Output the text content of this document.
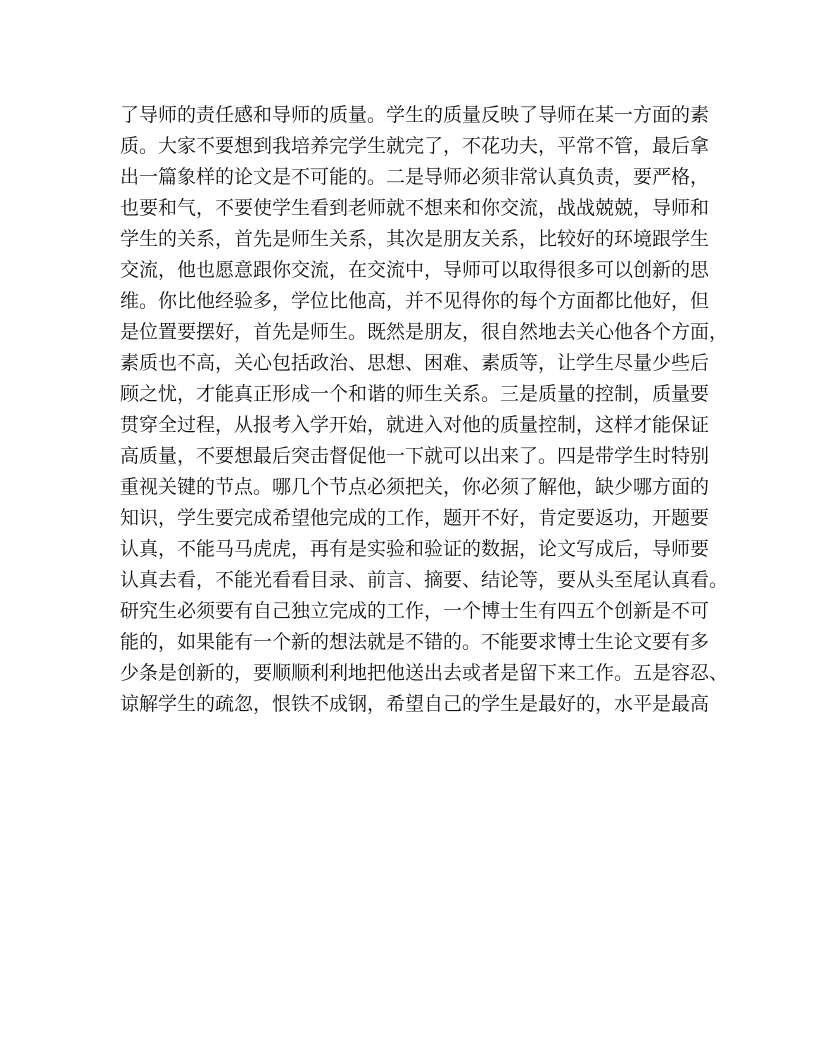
了导师的责任感和导师的质量。学生的质量反映了导师在某一方面的素
质。大家不要想到我培养完学生就完了，不花功夫，平常不管，最后拿
出一篇象样的论文是不可能的。二是导师必须非常认真负责，要严格，
也要和气，不要使学生看到老师就不想来和你交流，战战兢兢，导师和
学生的关系，首先是师生关系，其次是朋友关系，比较好的环境跟学生
交流，他也愿意跟你交流，在交流中，导师可以取得很多可以创新的思
维。你比他经验多，学位比他高，并不见得你的每个方面都比他好，但
是位置要摆好，首先是师生。既然是朋友，很自然地去关心他各个方面，
素质也不高，关心包括政治、思想、困难、素质等，让学生尽量少些后
顾之忧，才能真正形成一个和谐的师生关系。三是质量的控制，质量要
贯穿全过程，从报考入学开始，就进入对他的质量控制，这样才能保证
高质量，不要想最后突击督促他一下就可以出来了。四是带学生时特别
重视关键的节点。哪几个节点必须把关，你必须了解他，缺少哪方面的
知识，学生要完成希望他完成的工作，题开不好，肯定要返功，开题要
认真，不能马马虎虎，再有是实验和验证的数据，论文写成后，导师要
认真去看，不能光看看目录、前言、摘要、结论等，要从头至尾认真看。
研究生必须要有自己独立完成的工作，一个博士生有四五个创新是不可
能的，如果能有一个新的想法就是不错的。不能要求博士生论文要有多
少条是创新的，要顺顺利利地把他送出去或者是留下来工作。五是容忍、
谅解学生的疏忽，恨铁不成钢，希望自己的学生是最好的，水平是最高
